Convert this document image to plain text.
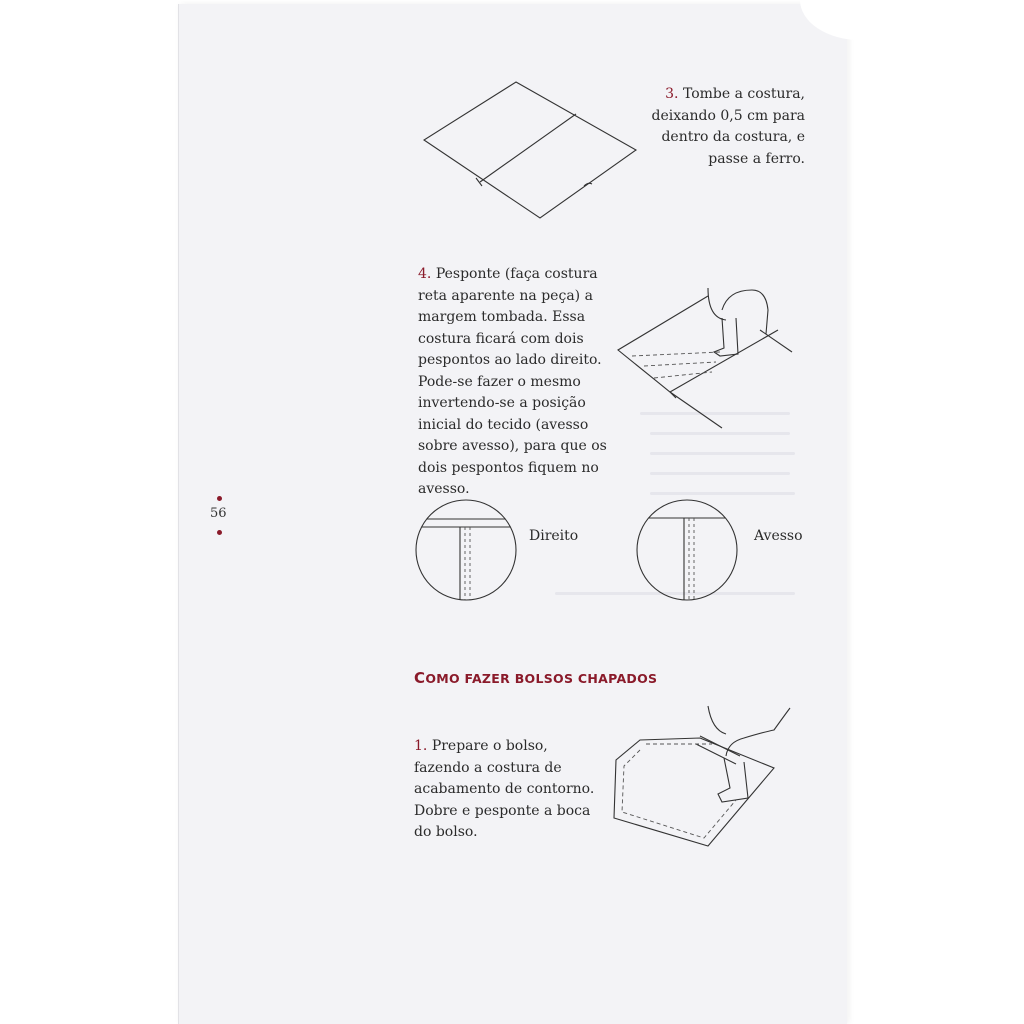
3. Tombe a costura, deixando 0,5 cm para dentro da costura, e passe a ferro.
4. Pesponte (faça costura reta aparente na peça) a margem tombada. Essa costura ficará com dois pespontos ao lado direito. Pode-se fazer o mesmo invertendo-se a posição inicial do tecido (avesso sobre avesso), para que os dois pespontos fiquem no avesso.
56
Direito	Avesso
COMO FAZER BOLSOS CHAPADOS
1. Prepare o bolso, fazendo a costura de acabamento de contorno. Dobre e pesponte a boca do bolso.
